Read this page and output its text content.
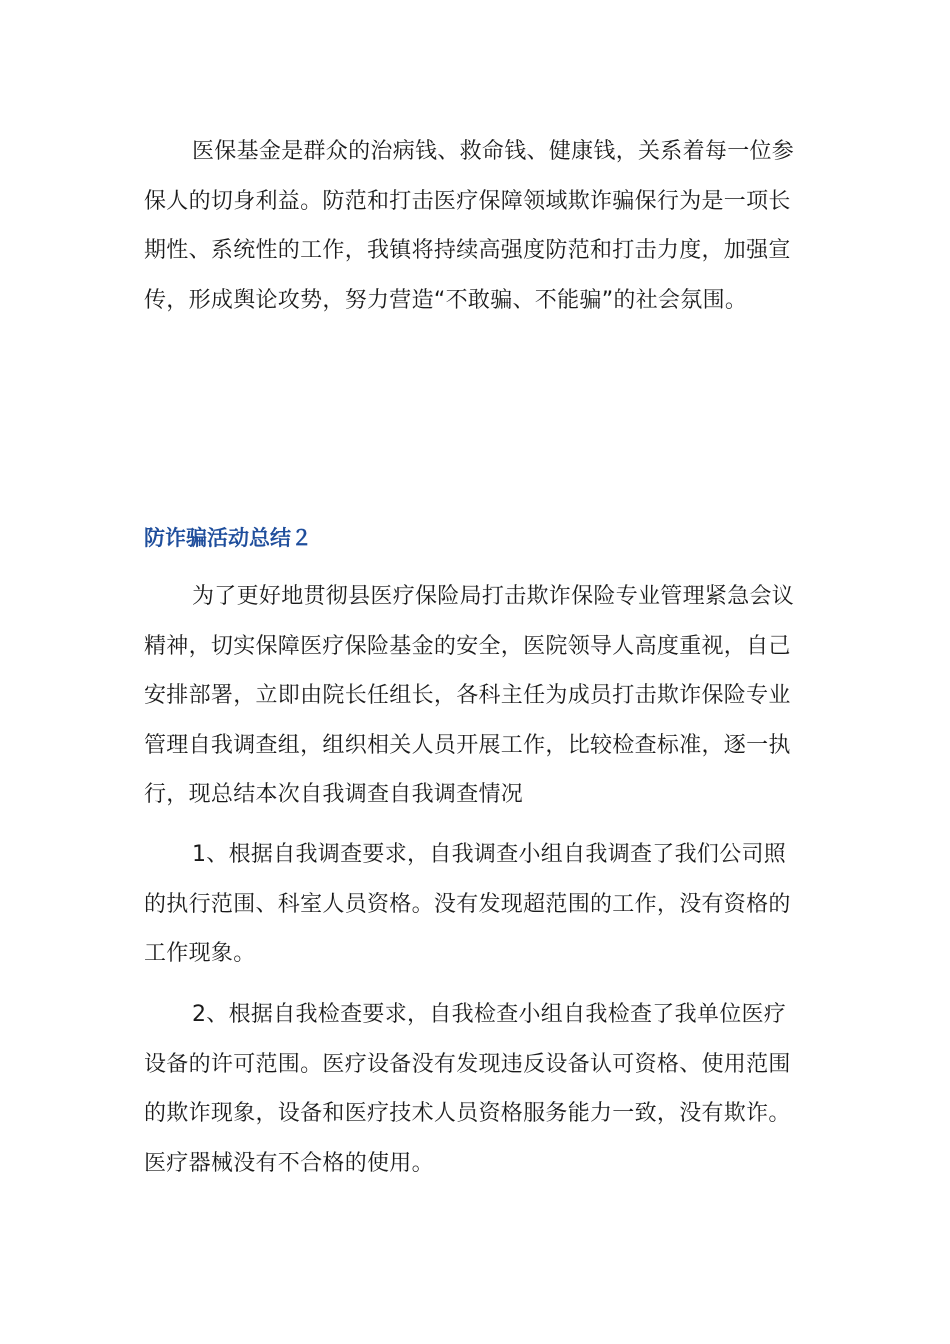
医保基金是群众的治病钱、救命钱、健康钱，关系着每一位参保人的切身利益。防范和打击医疗保障领域欺诈骗保行为是一项长期性、系统性的工作，我镇将持续高强度防范和打击力度，加强宣传，形成舆论攻势，努力营造“不敢骗、不能骗”的社会氛围。

防诈骗活动总结２

为了更好地贯彻县医疗保险局打击欺诈保险专业管理紧急会议精神，切实保障医疗保险基金的安全，医院领导人高度重视，自己安排部署，立即由院长任组长，各科主任为成员打击欺诈保险专业管理自我调查组，组织相关人员开展工作，比较检查标准，逐一执行，现总结本次自我调查自我调查情况

1、根据自我调查要求，自我调查小组自我调查了我们公司照的执行范围、科室人员资格。没有发现超范围的工作，没有资格的工作现象。

2、根据自我检查要求，自我检查小组自我检查了我单位医疗设备的许可范围。医疗设备没有发现违反设备认可资格、使用范围的欺诈现象，设备和医疗技术人员资格服务能力一致，没有欺诈。医疗器械没有不合格的使用。
